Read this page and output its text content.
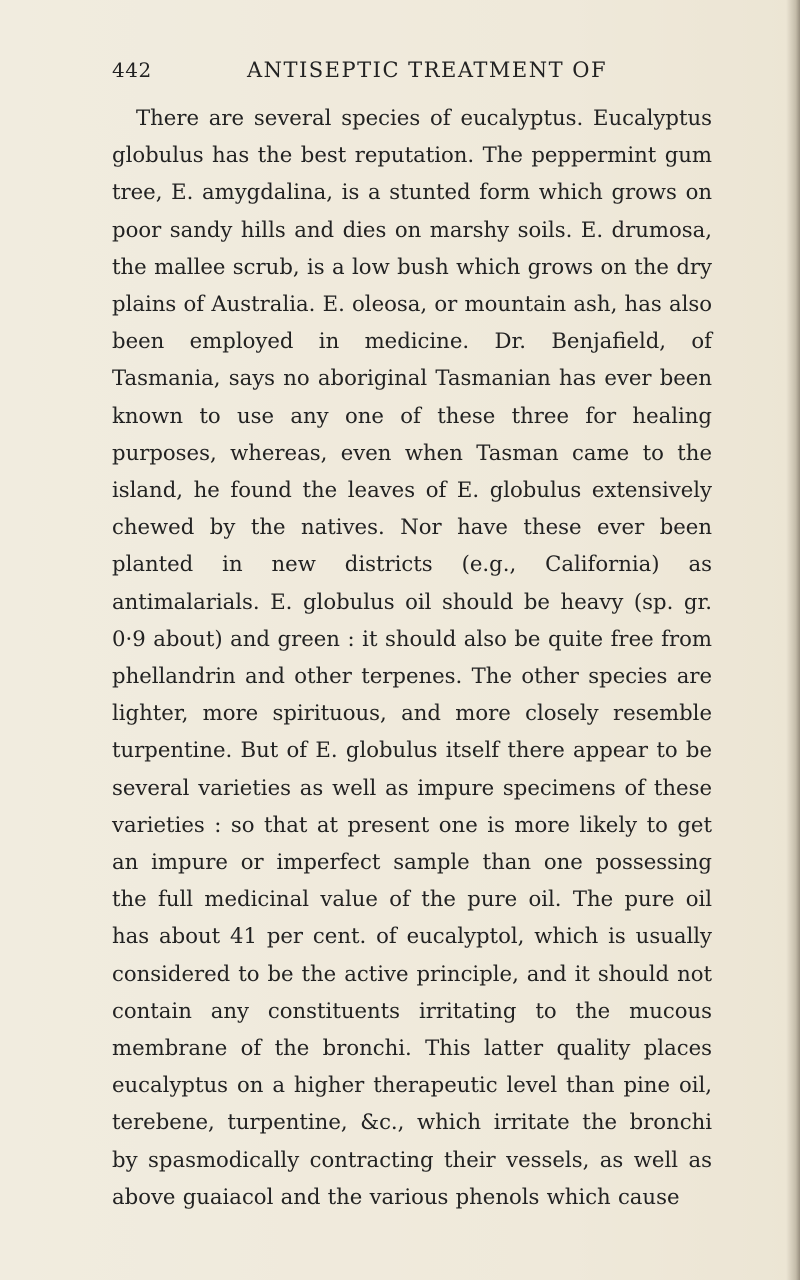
442	ANTISEPTIC TREATMENT OF

There are several species of eucalyptus. Eucalyptus globulus has the best reputation. The peppermint gum tree, E. amygdalina, is a stunted form which grows on poor sandy hills and dies on marshy soils. E. drumosa, the mallee scrub, is a low bush which grows on the dry plains of Australia. E. oleosa, or mountain ash, has also been employed in medicine. Dr. Benjafield, of Tasmania, says no aboriginal Tasmanian has ever been known to use any one of these three for healing purposes, whereas, even when Tasman came to the island, he found the leaves of E. globulus extensively chewed by the natives. Nor have these ever been planted in new districts (e.g., California) as antimalarials. E. globulus oil should be heavy (sp. gr. 0·9 about) and green : it should also be quite free from phellandrin and other terpenes. The other species are lighter, more spirituous, and more closely resemble turpentine. But of E. globulus itself there appear to be several varieties as well as impure specimens of these varieties : so that at present one is more likely to get an impure or imperfect sample than one possessing the full medicinal value of the pure oil. The pure oil has about 41 per cent. of eucalyptol, which is usually considered to be the active principle, and it should not contain any constituents irritating to the mucous membrane of the bronchi. This latter quality places eucalyptus on a higher therapeutic level than pine oil, terebene, turpentine, &c., which irritate the bronchi by spasmodically contracting their vessels, as well as above guaiacol and the various phenols which cause
